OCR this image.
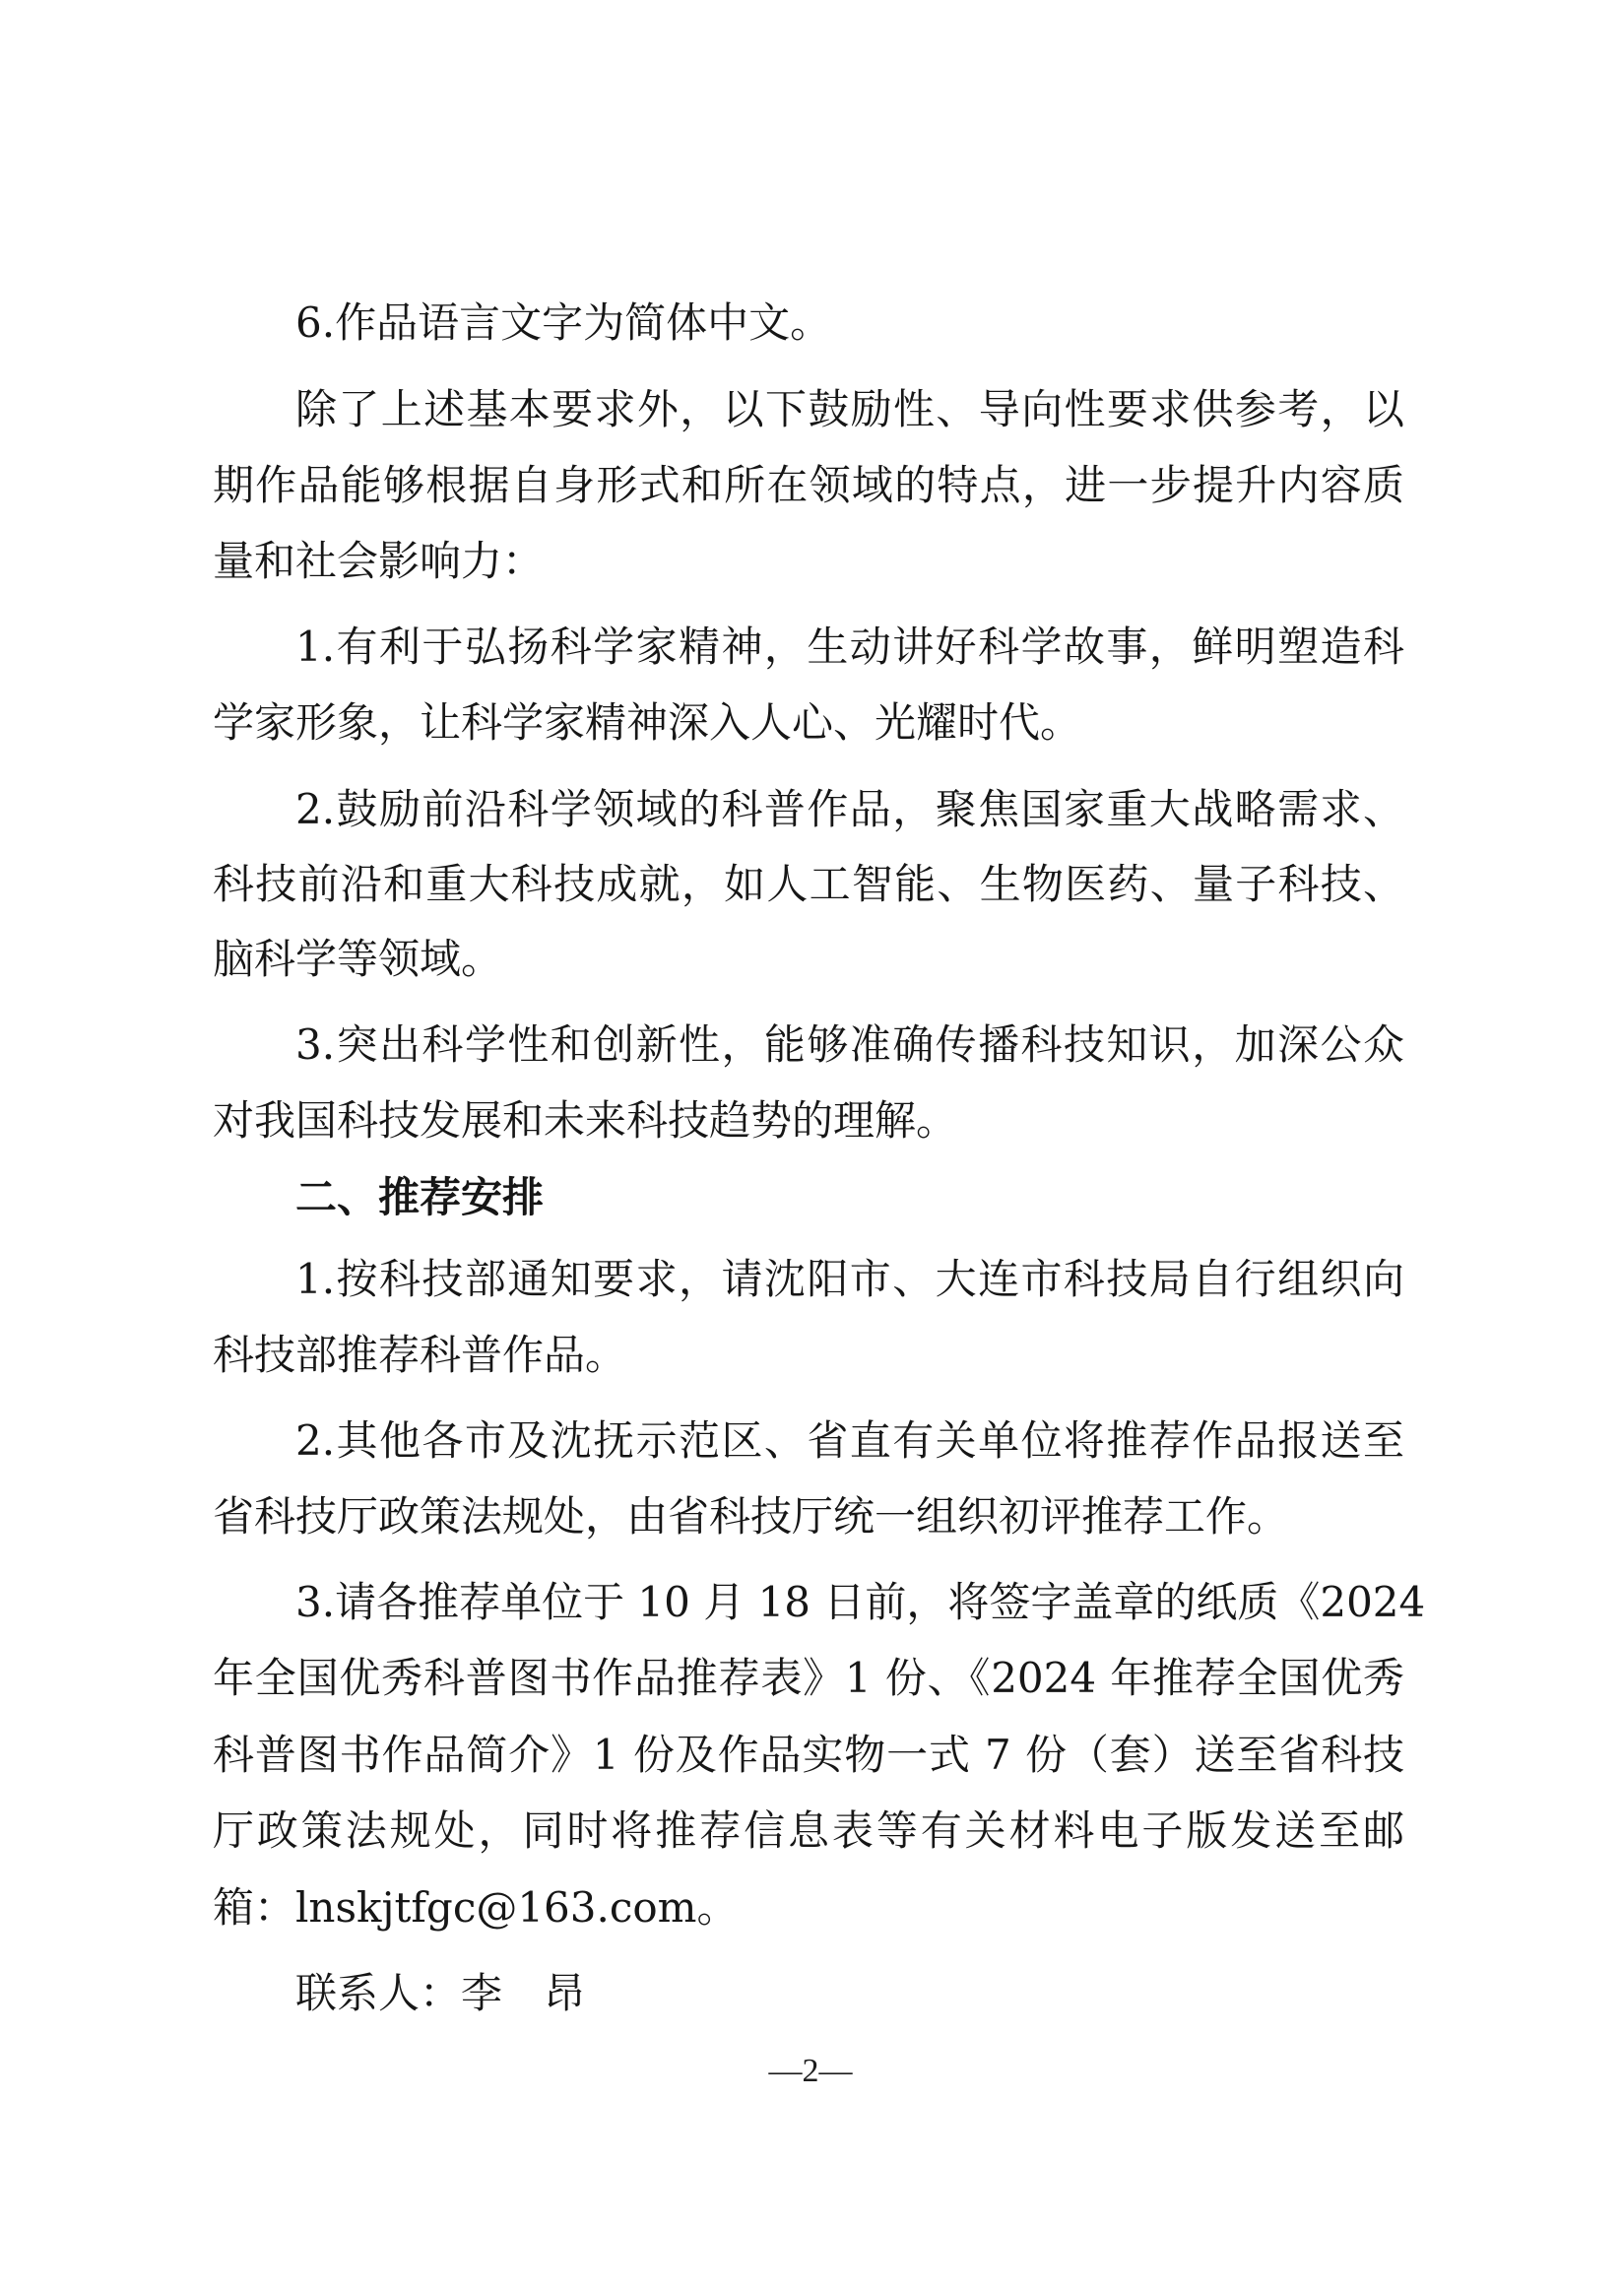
6.作品语言文字为简体中文。
除了上述基本要求外，以下鼓励性、导向性要求供参考，以
期作品能够根据自身形式和所在领域的特点，进一步提升内容质
量和社会影响力：
1.有利于弘扬科学家精神，生动讲好科学故事，鲜明塑造科
学家形象，让科学家精神深入人心、光耀时代。
2.鼓励前沿科学领域的科普作品，聚焦国家重大战略需求、
科技前沿和重大科技成就，如人工智能、生物医药、量子科技、
脑科学等领域。
3.突出科学性和创新性，能够准确传播科技知识，加深公众
对我国科技发展和未来科技趋势的理解。
二、推荐安排
1.按科技部通知要求，请沈阳市、大连市科技局自行组织向
科技部推荐科普作品。
2.其他各市及沈抚示范区、省直有关单位将推荐作品报送至
省科技厅政策法规处，由省科技厅统一组织初评推荐工作。
3.请各推荐单位于 10 月 18 日前，将签字盖章的纸质《2024
年全国优秀科普图书作品推荐表》1 份、《2024 年推荐全国优秀
科普图书作品简介》1 份及作品实物一式 7 份（套）送至省科技
厅政策法规处，同时将推荐信息表等有关材料电子版发送至邮
箱：lnskjtfgc@163.com。
联系人：李　昂
—2—
